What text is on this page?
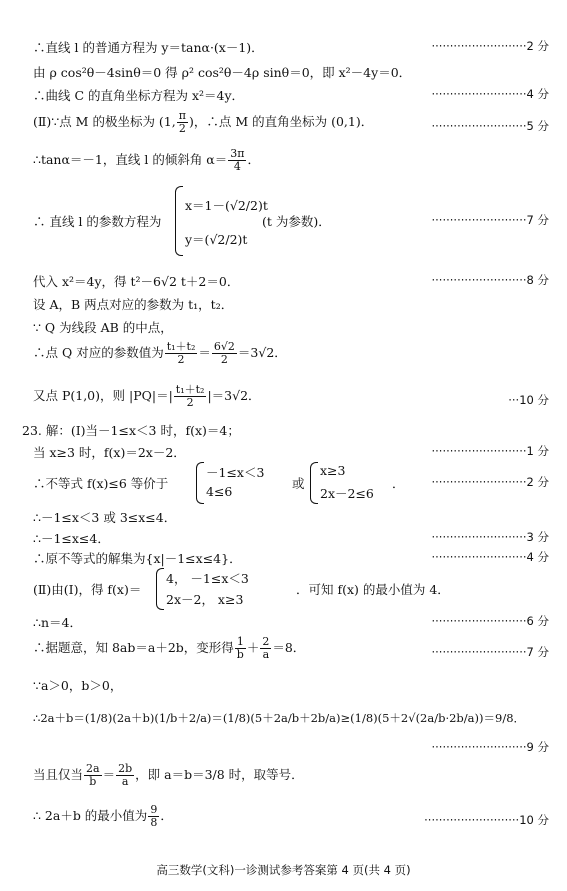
∴直线 l 的普通方程为 y＝tanα·(x－1)．	··························2 分
由 ρ cos²θ－4sinθ＝0 得 ρ² cos²θ－4ρ sinθ＝0，即 x²－4y＝0．
∴曲线 C 的直角坐标方程为 x²＝4y．	··························4 分
(Ⅱ)∵点 M 的极坐标为 (1, $\frac{\pi}{2}$ )，∴点 M 的直角坐标为 (0,1)．	··························5 分
∴tanα＝－1，直线 l 的倾斜角 $\alpha= \frac{3\pi}{4}$ ．
∴ 直线 l 的参数方程为
x＝1－(√2/2)t
y＝(√2/2)t
(t 为参数)．	··························7 分
代入 x²＝4y，得 t²－6√2 t＋2＝0．	··························8 分
设 A，B 两点对应的参数为 t₁，t₂．
∵ Q 为线段 AB 的中点，
∴点 Q 对应的参数值为 $\frac{\text{t₁＋t₂}}{2} = \frac{6√2}{2} =3√2$．
又点 P(1,0)，则 $|PQ|=| \frac{\text{t₁＋t₂}}{2} |=3√2$．	···10 分
23. 解：(Ⅰ)当－1≤x＜3 时，f(x)＝4；
当 x≥3 时，f(x)＝2x－2．	··························1 分
∴不等式 f(x)≤6 等价于
－1≤x＜3
4≤6
或
x≥3
2x－2≤6
． ··························2 分
∴－1≤x＜3 或 3≤x≤4．
∴－1≤x≤4．	··························3 分
∴原不等式的解集为{x|－1≤x≤4}．	··························4 分
(Ⅱ)由(Ⅰ)，得 f(x)＝
4， －1≤x＜3
2x－2， x≥3
．可知 f(x) 的最小值为 4．
∴n＝4．	··························6 分
∴据题意，知 8ab＝a＋2b，变形得 $\frac{1}{b} + \frac{2}{a} =8$．	··························7 分
∵a＞0，b＞0，
∴2a＋b＝(1/8)(2a＋b)(1/b＋2/a)＝(1/8)(5＋2a/b＋2b/a)≥(1/8)(5＋2√(2a/b·2b/a))＝9/8．
··························9 分
当且仅当 $\frac{2a}{b} = \frac{2b}{a}$ ，即 a＝b＝3/8 时，取等号．
∴ 2a＋b 的最小值为 $\frac{9}{8}$ ．	··························10 分
高三数学(文科)一诊测试参考答案第 4 页(共 4 页)
